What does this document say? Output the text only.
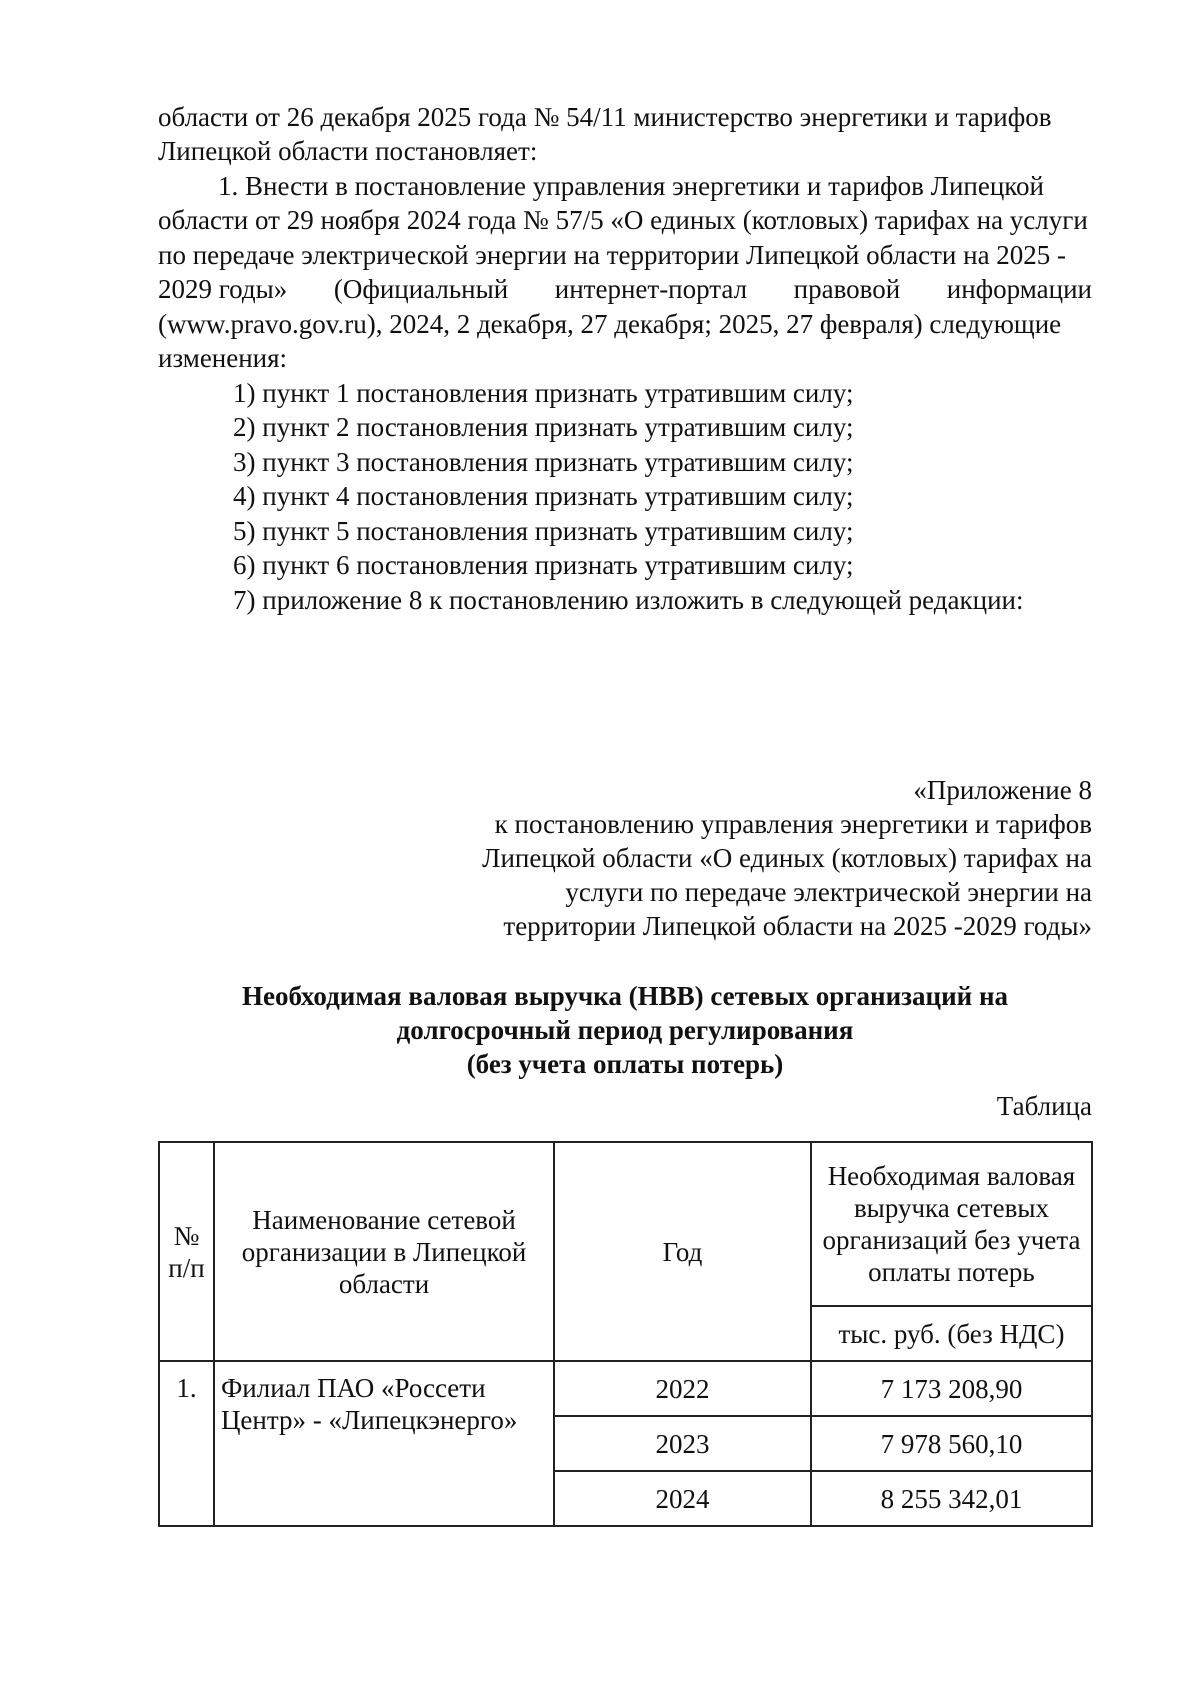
области от 26 декабря 2025 года № 54/11 министерство энергетики и тарифов
Липецкой области постановляет:
1. Внести в постановление управления энергетики и тарифов Липецкой
области от 29 ноября 2024 года № 57/5 «О единых (котловых) тарифах на услуги
по передаче электрической энергии на территории Липецкой области на 2025 -
2029 годы» (Официальный интернет-портал правовой информации
(www.pravo.gov.ru), 2024, 2 декабря, 27 декабря; 2025, 27 февраля) следующие
изменения:
1) пункт 1 постановления признать утратившим силу;
2) пункт 2 постановления признать утратившим силу;
3) пункт 3 постановления признать утратившим силу;
4) пункт 4 постановления признать утратившим силу;
5) пункт 5 постановления признать утратившим силу;
6) пункт 6 постановления признать утратившим силу;
7) приложение 8 к постановлению изложить в следующей редакции:
«Приложение 8
к постановлению управления энергетики и тарифов
Липецкой области «О единых (котловых) тарифах на
услуги по передаче электрической энергии на
территории Липецкой области на 2025 -2029 годы»
Необходимая валовая выручка (НВВ) сетевых организаций на
долгосрочный период регулирования
(без учета оплаты потерь)
Таблица
№ п/п	Наименование сетевой организации в Липецкой области	Год	Необходимая валовая выручка сетевых организаций без учета оплаты потерь
			тыс. руб. (без НДС)
1.	Филиал ПАО «Россети Центр» - «Липецкэнерго»	2022	7 173 208,90
		2023	7 978 560,10
		2024	8 255 342,01
